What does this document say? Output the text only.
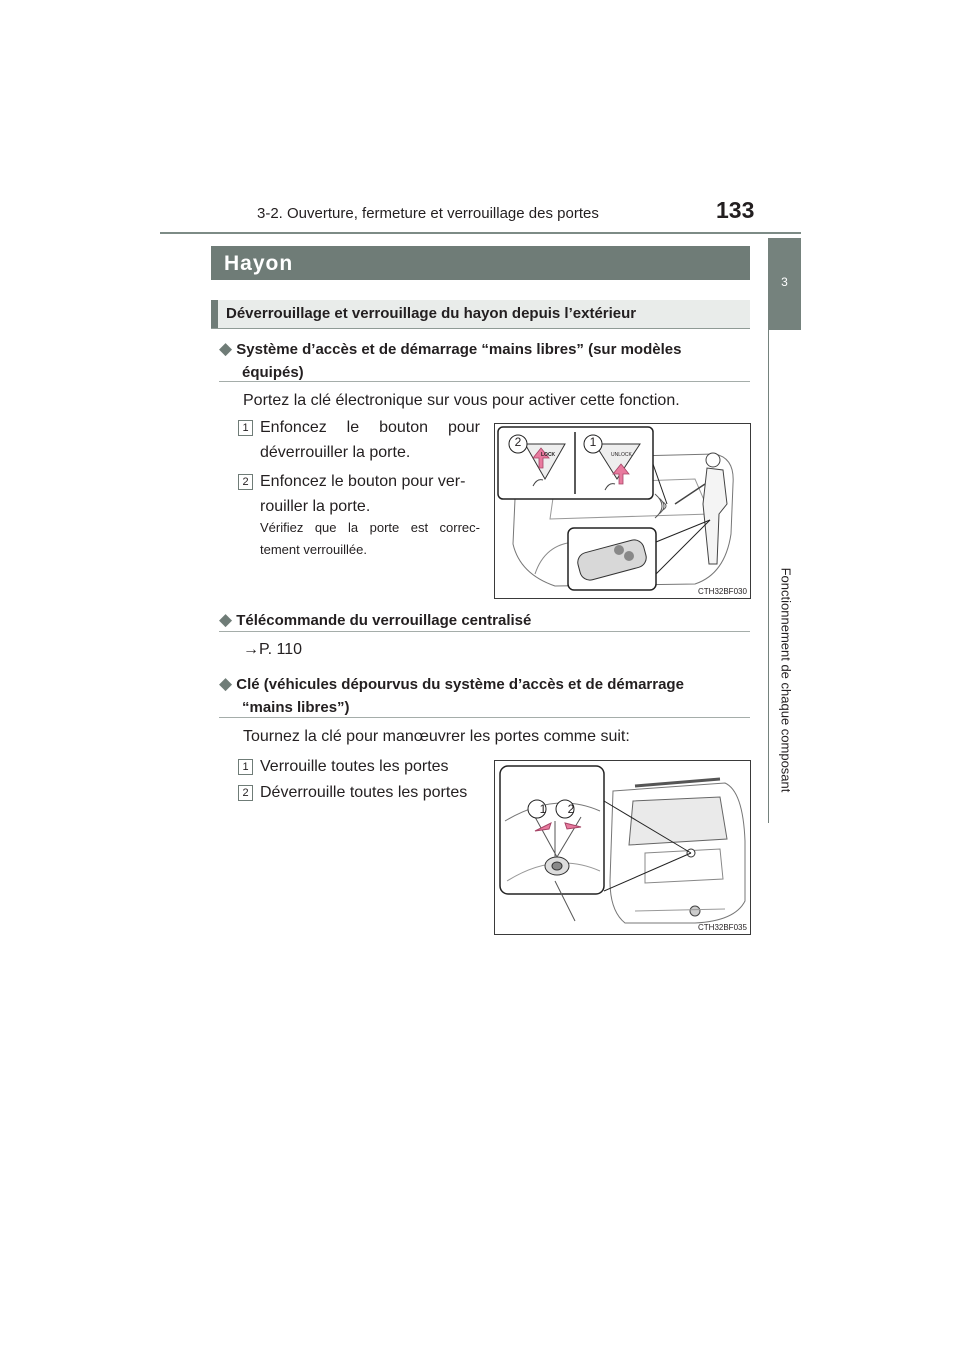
3-2. Ouverture, fermeture et verrouillage des portes	133
3
Fonctionnement de chaque composant
Hayon
Déverrouillage et verrouillage du hayon depuis l’extérieur
◆ Système d’accès et de démarrage “mains libres” (sur modèles
équipés)
Portez la clé électronique sur vous pour activer cette fonction.
1 Enfoncez le bouton pour
déverrouiller la porte.
2 Enfoncez le bouton pour ver-
rouiller la porte.
Vérifiez que la porte est correc-
tement verrouillée.
2	1
LOCK	UNLOCK
CTH32BF030
◆ Télécommande du verrouillage centralisé
→P. 110
◆ Clé (véhicules dépourvus du système d’accès et de démarrage
“mains libres”)
Tournez la clé pour manœuvrer les portes comme suit:
1 Verrouille toutes les portes
2 Déverrouille toutes les portes
1 2
CTH32BF035
